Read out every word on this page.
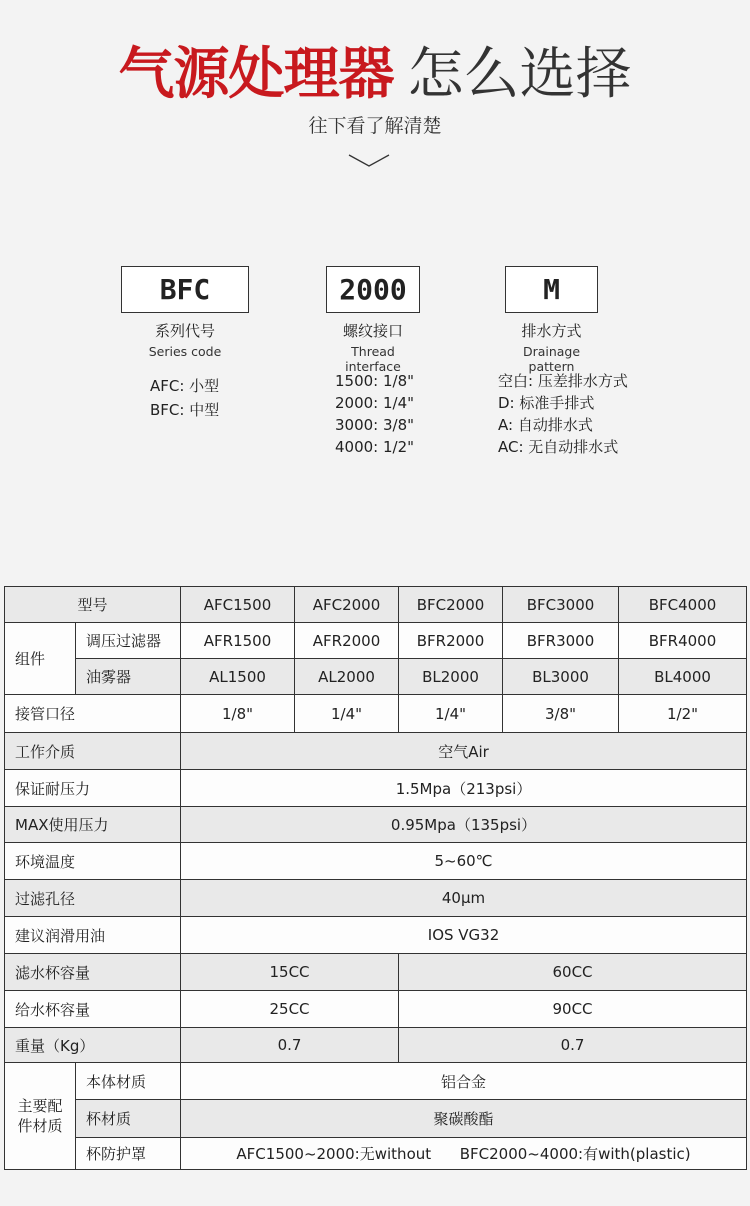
气源处理器 怎么选择
往下看了解清楚
BFC
系列代号
Series code
2000
螺纹接口
Thread interface
M
排水方式
Drainage pattern
AFC: 小型
BFC: 中型
1500: 1/8"
2000: 1/4"
3000: 3/8"
4000: 1/2"
空白: 压差排水方式
D: 标准手排式
A: 自动排水式
AC: 无自动排水式
型号		AFC1500	AFC2000	BFC2000	BFC3000	BFC4000
组件	调压过滤器	AFR1500	AFR2000	BFR2000	BFR3000	BFR4000
	油雾器	AL1500	AL2000	BL2000	BL3000	BL4000
接管口径		1/8"	1/4"	1/4"	3/8"	1/2"
工作介质		空气Air				
保证耐压力		1.5Mpa（213psi）				
MAX使用压力		0.95Mpa（135psi）				
环境温度		5~60℃				
过滤孔径		40μm				
建议润滑用油		IOS VG32				
滤水杯容量		15CC		60CC		
给水杯容量		25CC		90CC		
重量（Kg）		0.7		0.7		
主要配件材质	本体材质	铝合金				
	杯材质	聚碳酸酯				
	杯防护罩	AFC1500~2000:无without      BFC2000~4000:有with(plastic)				
